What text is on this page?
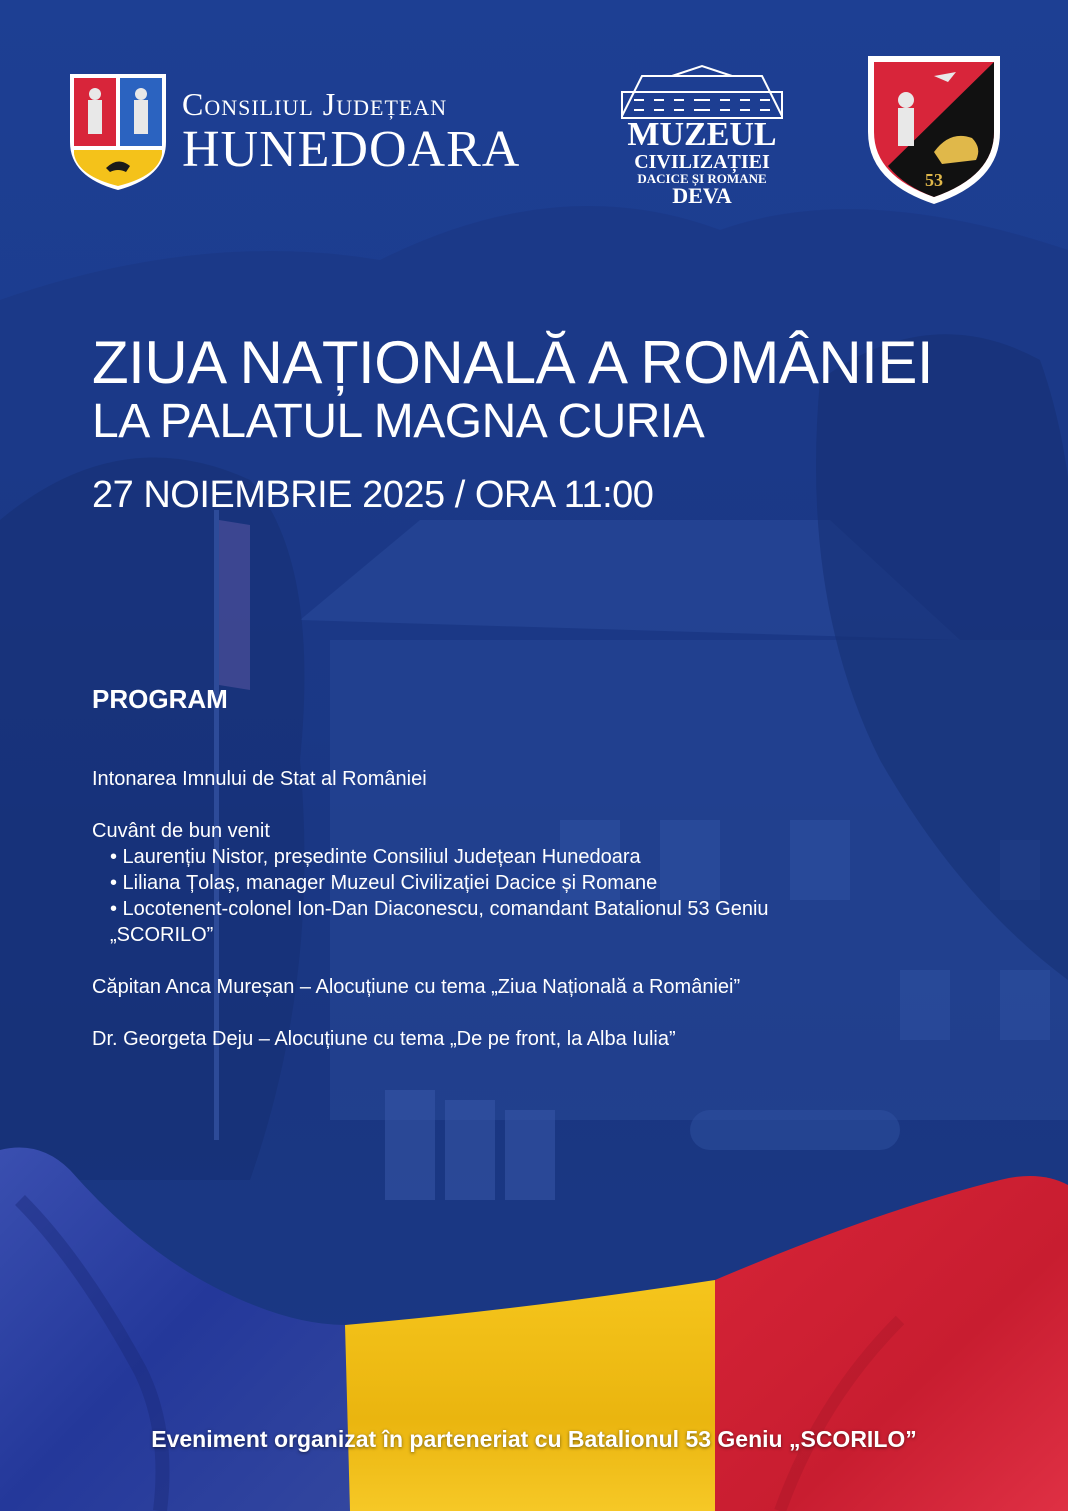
Consiliul Județean
HUNEDOARA	MUZEUL
CIVILIZAȚIEI
DACICE ȘI ROMANE
DEVA
53
ZIUA NAȚIONALĂ A ROMÂNIEI
LA PALATUL MAGNA CURIA
27 NOIEMBRIE 2025 / ORA 11:00
PROGRAM
Intonarea Imnului de Stat al României
Cuvânt de bun venit
• Laurențiu Nistor, președinte Consiliul Județean Hunedoara
• Liliana Țolaș, manager Muzeul Civilizației Dacice și Romane
• Locotenent-colonel Ion-Dan Diaconescu, comandant Batalionul 53 Geniu
„SCORILO”
Căpitan Anca Mureșan – Alocuțiune cu tema „Ziua Națională a României”
Dr. Georgeta Deju – Alocuțiune cu tema „De pe front, la Alba Iulia”
Eveniment organizat în parteneriat cu Batalionul 53 Geniu „SCORILO”
